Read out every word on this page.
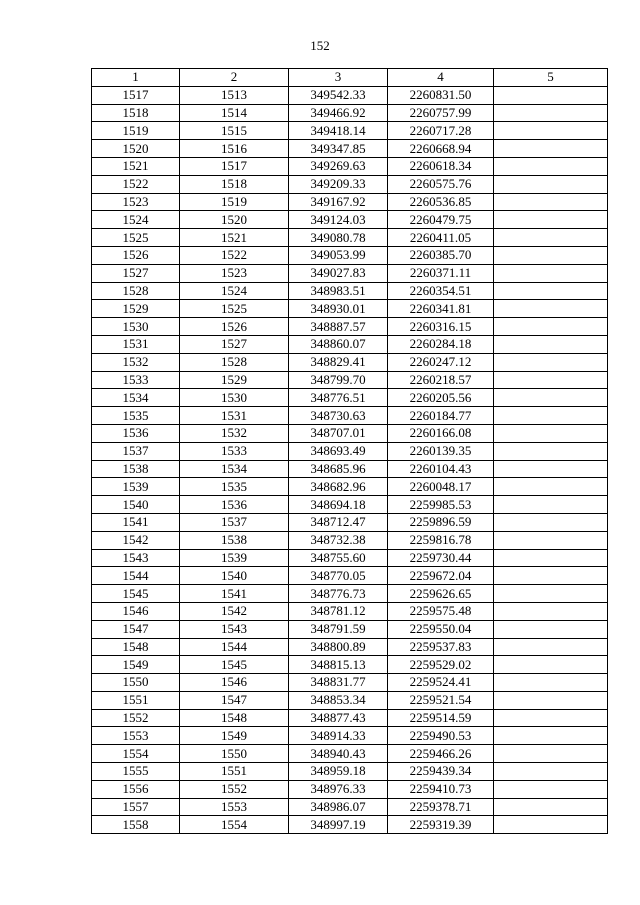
152
1	2	3	4	5
1517	1513	349542.33	2260831.50	
1518	1514	349466.92	2260757.99	
1519	1515	349418.14	2260717.28	
1520	1516	349347.85	2260668.94	
1521	1517	349269.63	2260618.34	
1522	1518	349209.33	2260575.76	
1523	1519	349167.92	2260536.85	
1524	1520	349124.03	2260479.75	
1525	1521	349080.78	2260411.05	
1526	1522	349053.99	2260385.70	
1527	1523	349027.83	2260371.11	
1528	1524	348983.51	2260354.51	
1529	1525	348930.01	2260341.81	
1530	1526	348887.57	2260316.15	
1531	1527	348860.07	2260284.18	
1532	1528	348829.41	2260247.12	
1533	1529	348799.70	2260218.57	
1534	1530	348776.51	2260205.56	
1535	1531	348730.63	2260184.77	
1536	1532	348707.01	2260166.08	
1537	1533	348693.49	2260139.35	
1538	1534	348685.96	2260104.43	
1539	1535	348682.96	2260048.17	
1540	1536	348694.18	2259985.53	
1541	1537	348712.47	2259896.59	
1542	1538	348732.38	2259816.78	
1543	1539	348755.60	2259730.44	
1544	1540	348770.05	2259672.04	
1545	1541	348776.73	2259626.65	
1546	1542	348781.12	2259575.48	
1547	1543	348791.59	2259550.04	
1548	1544	348800.89	2259537.83	
1549	1545	348815.13	2259529.02	
1550	1546	348831.77	2259524.41	
1551	1547	348853.34	2259521.54	
1552	1548	348877.43	2259514.59	
1553	1549	348914.33	2259490.53	
1554	1550	348940.43	2259466.26	
1555	1551	348959.18	2259439.34	
1556	1552	348976.33	2259410.73	
1557	1553	348986.07	2259378.71	
1558	1554	348997.19	2259319.39	
